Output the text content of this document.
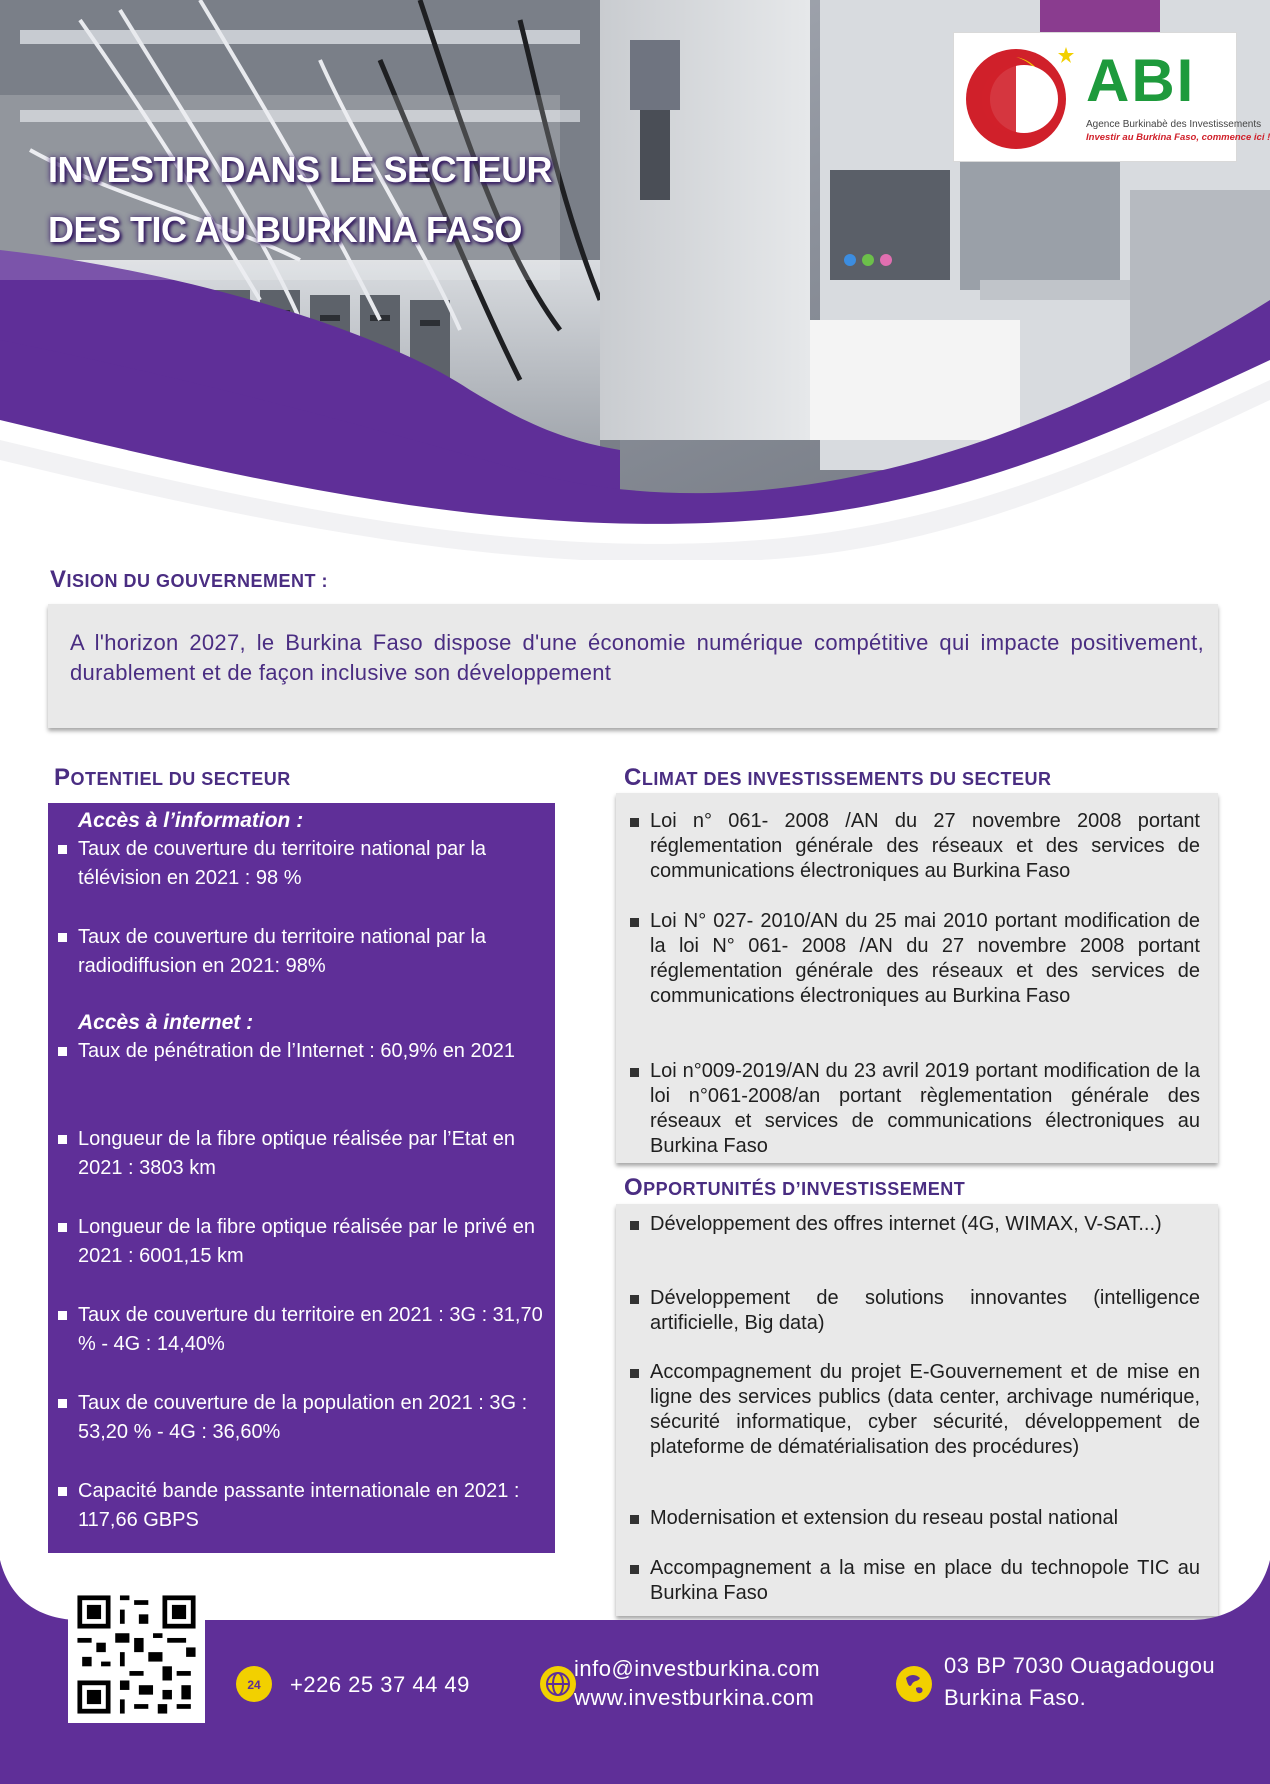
INVESTIR DANS LE SECTEUR
DES TIC AU BURKINA FASO
ABI
Agence Burkinabè des Investissements
Investir au Burkina Faso, commence ici !
VISION DU GOUVERNEMENT :
A l'horizon 2027, le Burkina Faso dispose d'une économie numérique compétitive qui impacte positivement, durablement et de façon inclusive son développement
POTENTIEL DU SECTEUR
Accès à l’information :
Taux de couverture du territoire national par la télévision en 2021 : 98 %
Taux de couverture du territoire national par la radiodiffusion en 2021: 98%
Accès à internet :
Taux de pénétration de l’Internet : 60,9% en 2021
Longueur de la fibre optique réalisée par l’Etat en 2021 : 3803 km
Longueur de la fibre optique réalisée par le privé en 2021 : 6001,15 km
Taux de couverture du territoire en 2021 : 3G : 31,70 % - 4G : 14,40%
Taux de couverture de la population en 2021 : 3G : 53,20 % - 4G : 36,60%
Capacité bande passante internationale en 2021 : 117,66 GBPS
CLIMAT DES INVESTISSEMENTS DU SECTEUR
Loi n° 061- 2008 /AN du 27 novembre 2008 portant réglementation générale des réseaux et des services de communications électroniques au Burkina Faso
Loi N° 027- 2010/AN du 25 mai 2010 portant modification de la loi N° 061- 2008 /AN du 27 novembre 2008 portant réglementation générale des réseaux et des services de communications électroniques au Burkina Faso
Loi n°009-2019/AN du 23 avril 2019 portant modification de la loi n°061-2008/an portant règlementation générale des réseaux et services de communications électroniques au Burkina Faso
OPPORTUNITÉS D’INVESTISSEMENT
Développement des offres internet (4G, WIMAX, V-SAT...)
Développement de solutions innovantes (intelligence artificielle, Big data)
Accompagnement du projet E-Gouvernement et de mise en ligne des services publics (data center, archivage numérique, sécurité informatique, cyber sécurité, développement de plateforme de dématérialisation des procédures)
Modernisation et extension du reseau postal national
Accompagnement a la mise en place du technopole TIC au Burkina Faso
24 +226 25 37 44 49
info@investburkina.com
www.investburkina.com
03 BP 7030 Ouagadougou
Burkina Faso.
